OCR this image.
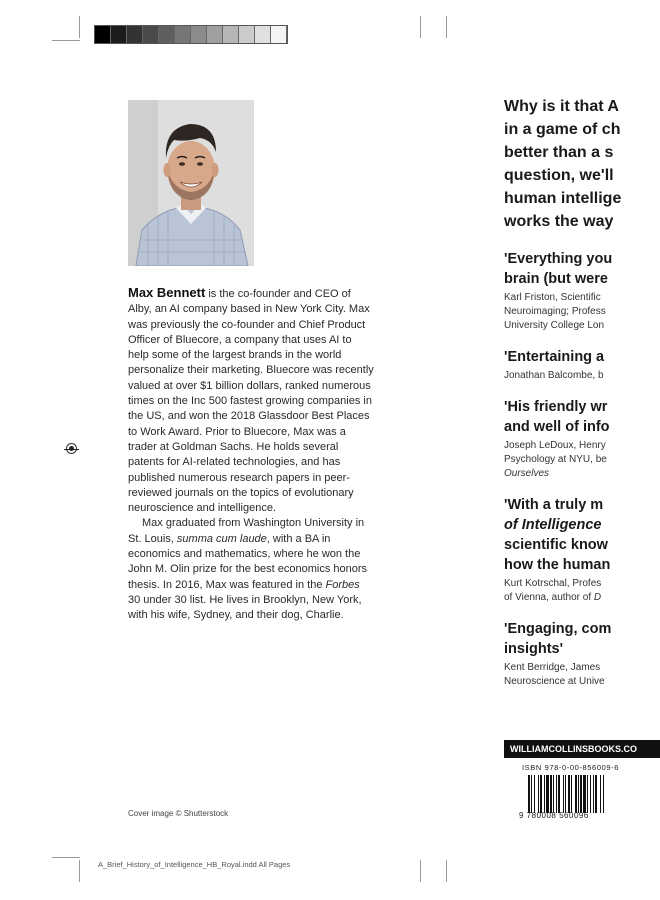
Max Bennett is the co-founder and CEO of Alby, an AI company based in New York City. Max was previously the co-founder and Chief Product Officer of Bluecore, a company that uses AI to help some of the largest brands in the world personalize their marketing. Bluecore was recently valued at over $1 billion dollars, ranked numerous times on the Inc 500 fastest growing companies in the US, and won the 2018 Glassdoor Best Places to Work Award. Prior to Bluecore, Max was a trader at Goldman Sachs. He holds several patents for AI-related technologies, and has published numerous research papers in peer-reviewed journals on the topics of evolutionary neuroscience and intelligence.

Max graduated from Washington University in St. Louis, summa cum laude, with a BA in economics and mathematics, where he won the John M. Olin prize for the best economics honors thesis. In 2016, Max was featured in the Forbes 30 under 30 list. He lives in Brooklyn, New York, with his wife, Sydney, and their dog, Charlie.

Cover image © Shutterstock
A_Brief_History_of_Intelligence_HB_Royal.indd All Pages
Why is it that A
in a game of ch
better than a s
question, we'll
human intellige
works the way

'Everything you
brain (but were

Karl Friston, Scientific
Neuroimaging; Profess
University College Lon

'Entertaining a

Jonathan Balcombe, b

'His friendly wr
and well of info

Joseph LeDoux, Henry
Psychology at NYU, be
Ourselves

'With a truly m
of Intelligence
scientific know
how the human

Kurt Kotrschal, Profes
of Vienna, author of D

'Engaging, com
insights'

Kent Berridge, James
Neuroscience at Unive

WILLIAMCOLLINSBOOKS.CO
ISBN 978-0-00-856009-6
9 780008 560096
